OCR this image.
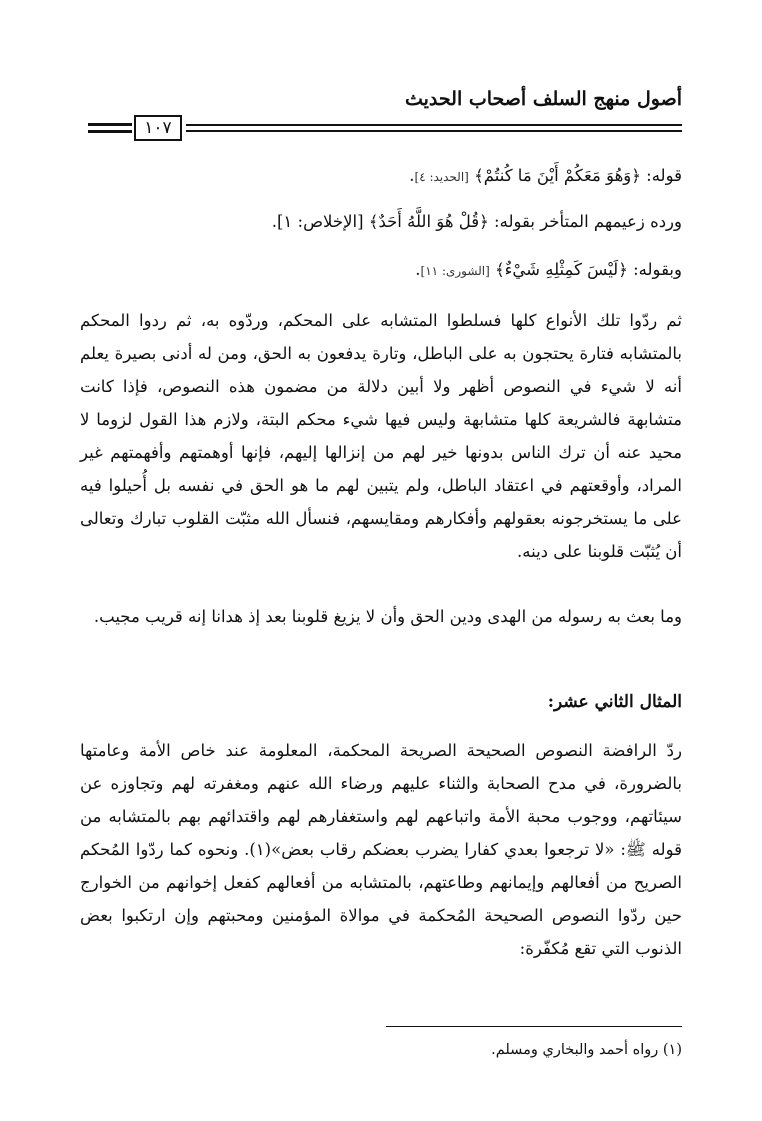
أصول منهج السلف أصحاب الحديث
١٠٧
قوله: ﴿وَهُوَ مَعَكُمْ أَيْنَ مَا كُنتُمْ﴾ [الحديد: ٤].
ورده زعيمهم المتأخر بقوله: ﴿قُلْ هُوَ اللَّهُ أَحَدٌ﴾ [الإخلاص: ١].
وبقوله: ﴿لَيْسَ كَمِثْلِهِ شَيْءٌ﴾ [الشورى: ١١].
ثم ردّوا تلك الأنواع كلها فسلطوا المتشابه على المحكم، وردّوه به، ثم ردوا المحكم بالمتشابه فتارة يحتجون به على الباطل، وتارة يدفعون به الحق، ومن له أدنى بصيرة يعلم أنه لا شيء في النصوص أظهر ولا أبين دلالة من مضمون هذه النصوص، فإذا كانت متشابهة فالشريعة كلها متشابهة وليس فيها شيء محكم البتة، ولازم هذا القول لزوما لا محيد عنه أن ترك الناس بدونها خير لهم من إنزالها إليهم، فإنها أوهمتهم وأفهمتهم غير المراد، وأوقعتهم في اعتقاد الباطل، ولم يتبين لهم ما هو الحق في نفسه بل أُحيلوا فيه على ما يستخرجونه بعقولهم وأفكارهم ومقايسهم، فنسأل الله مثبّت القلوب تبارك وتعالى أن يُثبّت قلوبنا على دينه.
وما بعث به رسوله من الهدى ودين الحق وأن لا يزيغ قلوبنا بعد إذ هدانا إنه قريب مجيب.
المثال الثاني عشر:
ردّ الرافضة النصوص الصحيحة الصريحة المحكمة، المعلومة عند خاص الأمة وعامتها بالضرورة، في مدح الصحابة والثناء عليهم ورضاء الله عنهم ومغفرته لهم وتجاوزه عن سيئاتهم، ووجوب محبة الأمة واتباعهم لهم واستغفارهم لهم واقتدائهم بهم بالمتشابه من قوله ﷺ: «لا ترجعوا بعدي كفارا يضرب بعضكم رقاب بعض»(١). ونحوه كما ردّوا المُحكم الصريح من أفعالهم وإيمانهم وطاعتهم، بالمتشابه من أفعالهم كفعل إخوانهم من الخوارج حين ردّوا النصوص الصحيحة المُحكمة في موالاة المؤمنين ومحبتهم وإن ارتكبوا بعض الذنوب التي تقع مُكفّرة:
(١) رواه أحمد والبخاري ومسلم.
